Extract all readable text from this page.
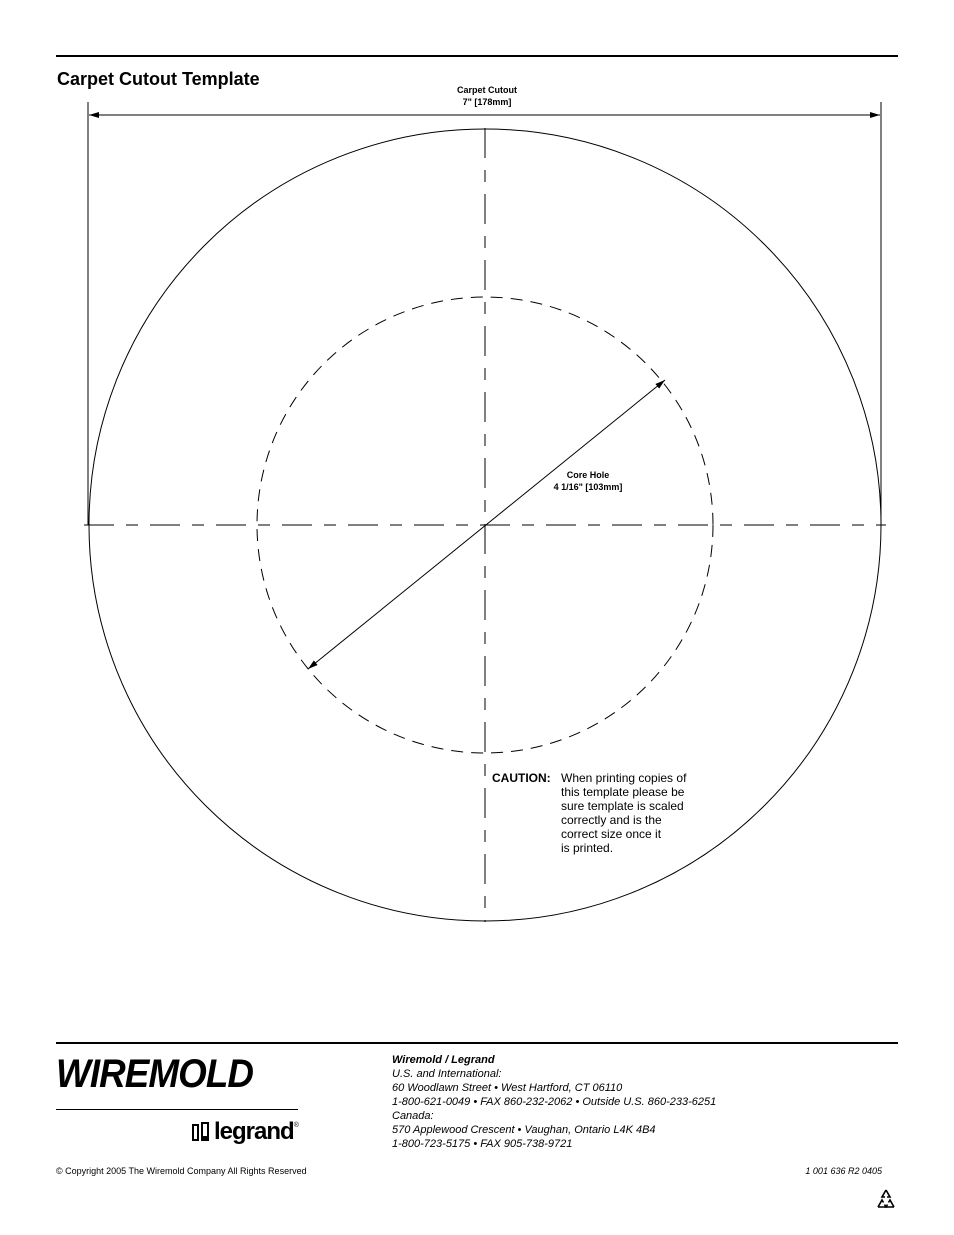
Carpet Cutout Template
Carpet Cutout
7" [178mm]
Core Hole
4 1/16" [103mm]
CAUTION: When printing copies of
this template please be
sure template is scaled
correctly and is the
correct size once it
is printed.
WIREMOLD
legrand ®
Wiremold / Legrand
U.S. and International:
60 Woodlawn Street • West Hartford, CT 06110
1-800-621-0049 • FAX 860-232-2062 • Outside U.S. 860-233-6251
Canada:
570 Applewood Crescent • Vaughan, Ontario L4K 4B4
1-800-723-5175 • FAX 905-738-9721
© Copyright 2005 The Wiremold Company All Rights Reserved	1 001 636 R2 0405
